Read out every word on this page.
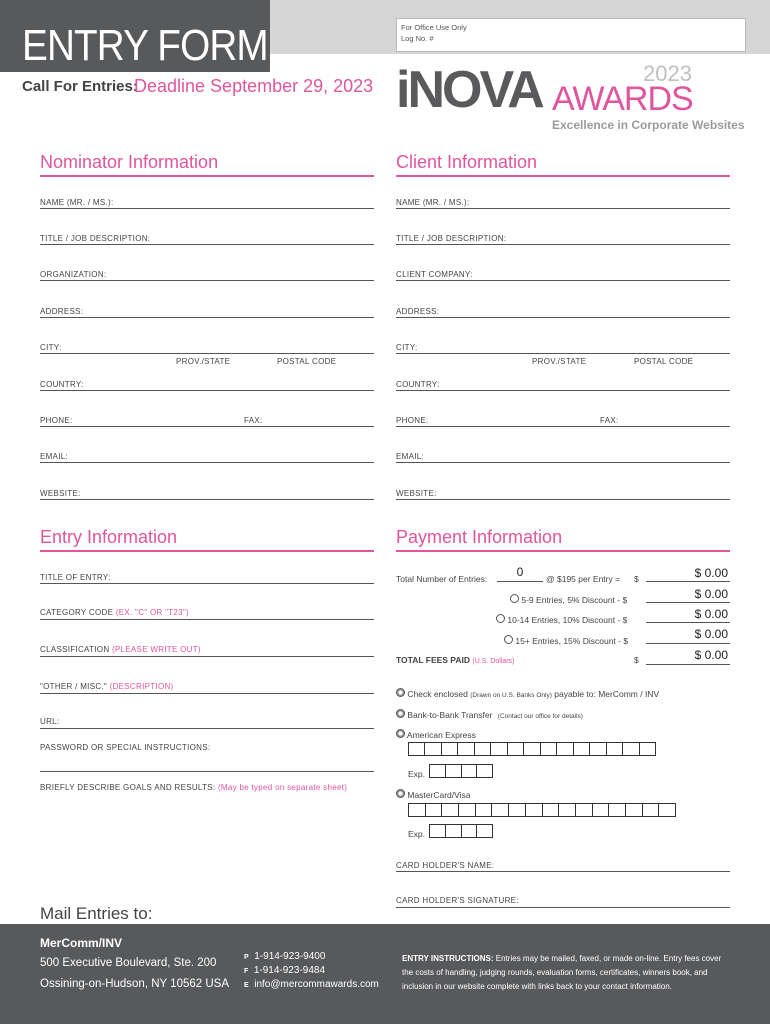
ENTRY FORM
Call For Entries:
Deadline September 29, 2023
For Office Use Only
Log No. #
iNOVA AWARDS
2023
Excellence in Corporate Websites
Nominator Information
NAME (MR. / MS.):
TITLE / JOB DESCRIPTION:
ORGANIZATION:
ADDRESS:
CITY:
PROV./STATE	POSTAL CODE
COUNTRY:
PHONE:	FAX:
EMAIL:
WEBSITE:
Client Information
NAME (MR. / MS.):
TITLE / JOB DESCRIPTION:
CLIENT COMPANY:
ADDRESS:
CITY:
PROV./STATE	POSTAL CODE
COUNTRY:
PHONE:	FAX:
EMAIL:
WEBSITE:
Entry Information
TITLE OF ENTRY:
CATEGORY CODE (EX. "C" OR "T23")
CLASSIFICATION (PLEASE WRITE OUT)
"OTHER / MISC." (DESCRIPTION)
URL:
PASSWORD OR SPECIAL INSTRUCTIONS:
BRIEFLY DESCRIBE GOALS AND RESULTS: (May be typed on separate sheet)
Payment Information
Total Number of Entries:	0	@ $195 per Entry = $	$ 0.00
5-9 Entries, 5% Discount - $	$ 0.00
10-14 Entries, 10% Discount - $	$ 0.00
15+ Entries, 15% Discount - $	$ 0.00
TOTAL FEES PAID (U.S. Dollars)	$	$ 0.00
Check enclosed (Drawn on U.S. Banks Only) payable to: MerComm / INV
Bank-to-Bank Transfer (Contact our office for details)
American Express
Exp.
MasterCard/Visa
Exp.
CARD HOLDER'S NAME:
CARD HOLDER'S SIGNATURE:
Mail Entries to:
MerComm/INV
500 Executive Boulevard, Ste. 200
Ossining-on-Hudson, NY 10562 USA
P 1-914-923-9400
F 1-914-923-9484
E info@mercommawards.com
ENTRY INSTRUCTIONS: Entries may be mailed, faxed, or made on-line. Entry fees cover
the costs of handling, judging rounds, evaluation forms, certificates, winners book, and
inclusion in our website complete with links back to your contact information.
